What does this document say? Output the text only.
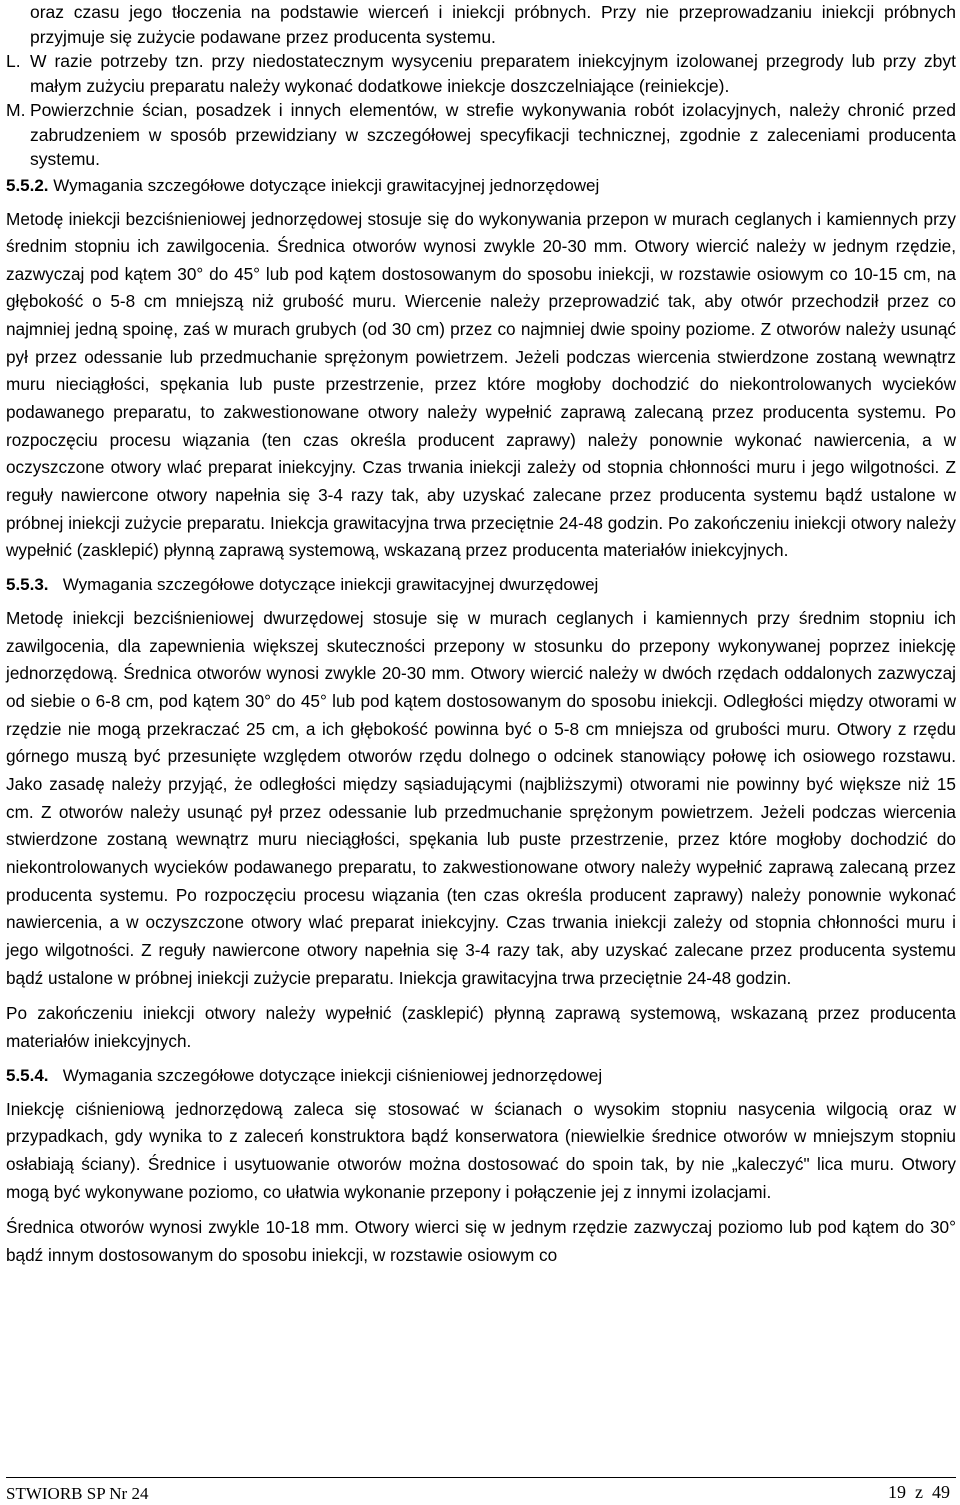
oraz czasu jego tłoczenia na podstawie wierceń i iniekcji próbnych. Przy nie przeprowadzaniu iniekcji próbnych przyjmuje się zużycie podawane przez producenta systemu.

L. W razie potrzeby tzn. przy niedostatecznym wysyceniu preparatem iniekcyjnym izolowanej przegrody lub przy zbyt małym zużyciu preparatu należy wykonać dodatkowe iniekcje doszczelniające (reiniekcje).

M. Powierzchnie ścian, posadzek i innych elementów, w strefie wykonywania robót izolacyjnych, należy chronić przed zabrudzeniem w sposób przewidziany w szczegółowej specyfikacji technicznej, zgodnie z zaleceniami producenta systemu.

5.5.2. Wymagania szczegółowe dotyczące iniekcji grawitacyjnej jednorzędowej

Metodę iniekcji bezciśnieniowej jednorzędowej stosuje się do wykonywania przepon w murach ceglanych i kamiennych przy średnim stopniu ich zawilgocenia. Średnica otworów wynosi zwykle 20-30 mm. Otwory wiercić należy w jednym rzędzie, zazwyczaj pod kątem 30° do 45° lub pod kątem dostosowanym do sposobu iniekcji, w rozstawie osiowym co 10-15 cm, na głębokość o 5-8 cm mniejszą niż grubość muru. Wiercenie należy przeprowadzić tak, aby otwór przechodził przez co najmniej jedną spoinę, zaś w murach grubych (od 30 cm) przez co najmniej dwie spoiny poziome. Z otworów należy usunąć pył przez odessanie lub przedmuchanie sprężonym powietrzem. Jeżeli podczas wiercenia stwierdzone zostaną wewnątrz muru nieciągłości, spękania lub puste przestrzenie, przez które mogłoby dochodzić do niekontrolowanych wycieków podawanego preparatu, to zakwestionowane otwory należy wypełnić zaprawą zalecaną przez producenta systemu. Po rozpoczęciu procesu wiązania (ten czas określa producent zaprawy) należy ponownie wykonać nawiercenia, a w oczyszczone otwory wlać preparat iniekcyjny. Czas trwania iniekcji zależy od stopnia chłonności muru i jego wilgotności. Z reguły nawiercone otwory napełnia się 3-4 razy tak, aby uzyskać zalecane przez producenta systemu bądź ustalone w próbnej iniekcji zużycie preparatu. Iniekcja grawitacyjna trwa przeciętnie 24-48 godzin. Po zakończeniu iniekcji otwory należy wypełnić (zasklepić) płynną zaprawą systemową, wskazaną przez producenta materiałów iniekcyjnych.

5.5.3. Wymagania szczegółowe dotyczące iniekcji grawitacyjnej dwurzędowej

Metodę iniekcji bezciśnieniowej dwurzędowej stosuje się w murach ceglanych i kamiennych przy średnim stopniu ich zawilgocenia, dla zapewnienia większej skuteczności przepony w stosunku do przepony wykonywanej poprzez iniekcję jednorzędową. Średnica otworów wynosi zwykle 20-30 mm. Otwory wiercić należy w dwóch rzędach oddalonych zazwyczaj od siebie o 6-8 cm, pod kątem 30° do 45° lub pod kątem dostosowanym do sposobu iniekcji. Odległości między otworami w rzędzie nie mogą przekraczać 25 cm, a ich głębokość powinna być o 5-8 cm mniejsza od grubości muru. Otwory z rzędu górnego muszą być przesunięte względem otworów rzędu dolnego o odcinek stanowiący połowę ich osiowego rozstawu. Jako zasadę należy przyjąć, że odległości między sąsiadującymi (najbliższymi) otworami nie powinny być większe niż 15 cm. Z otworów należy usunąć pył przez odessanie lub przedmuchanie sprężonym powietrzem. Jeżeli podczas wiercenia stwierdzone zostaną wewnątrz muru nieciągłości, spękania lub puste przestrzenie, przez które mogłoby dochodzić do niekontrolowanych wycieków podawanego preparatu, to zakwestionowane otwory należy wypełnić zaprawą zalecaną przez producenta systemu. Po rozpoczęciu procesu wiązania (ten czas określa producent zaprawy) należy ponownie wykonać nawiercenia, a w oczyszczone otwory wlać preparat iniekcyjny. Czas trwania iniekcji zależy od stopnia chłonności muru i jego wilgotności. Z reguły nawiercone otwory napełnia się 3-4 razy tak, aby uzyskać zalecane przez producenta systemu bądź ustalone w próbnej iniekcji zużycie preparatu. Iniekcja grawitacyjna trwa przeciętnie 24-48 godzin.

Po zakończeniu iniekcji otwory należy wypełnić (zasklepić) płynną zaprawą systemową, wskazaną przez producenta materiałów iniekcyjnych.

5.5.4. Wymagania szczegółowe dotyczące iniekcji ciśnieniowej jednorzędowej

Iniekcję ciśnieniową jednorzędową zaleca się stosować w ścianach o wysokim stopniu nasycenia wilgocią oraz w przypadkach, gdy wynika to z zaleceń konstruktora bądź konserwatora (niewielkie średnice otworów w mniejszym stopniu osłabiają ściany). Średnice i usytuowanie otworów można dostosować do spoin tak, by nie „kaleczyć" lica muru. Otwory mogą być wykonywane poziomo, co ułatwia wykonanie przepony i połączenie jej z innymi izolacjami.

Średnica otworów wynosi zwykle 10-18 mm. Otwory wierci się w jednym rzędzie zazwyczaj poziomo lub pod kątem do 30° bądź innym dostosowanym do sposobu iniekcji, w rozstawie osiowym co

STWIORB SP Nr 24	19 z 49
